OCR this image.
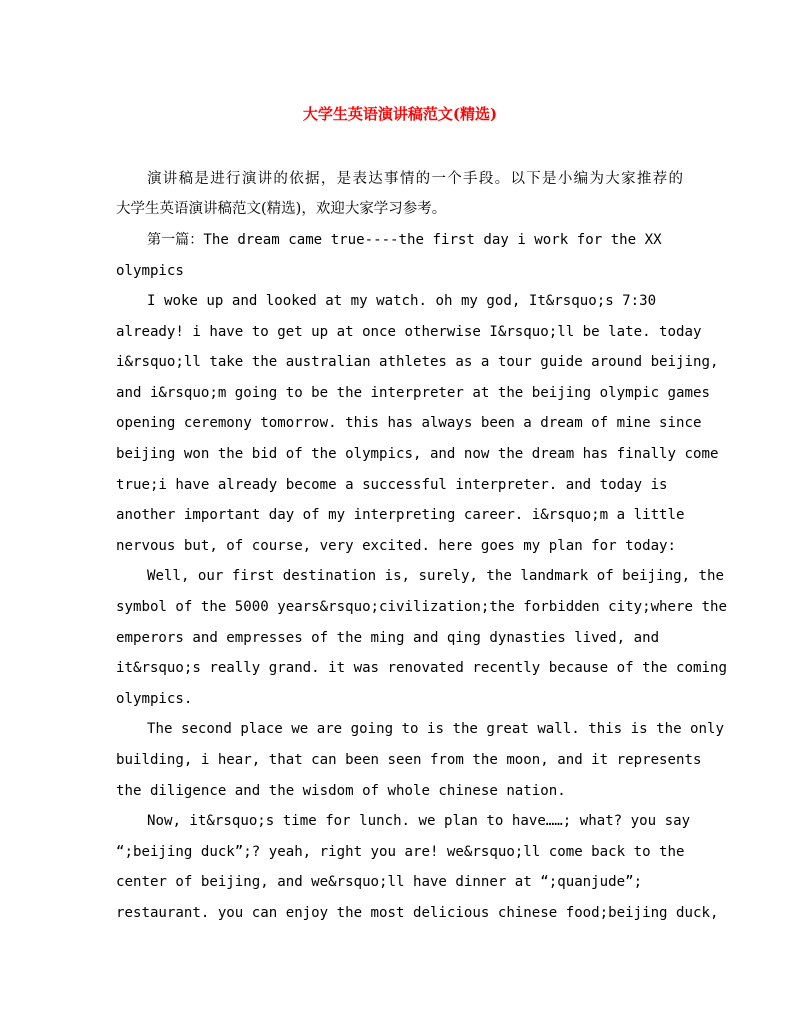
大学生英语演讲稿范文(精选)

演讲稿是进行演讲的依据，是表达事情的一个手段。以下是小编为大家推荐的

大学生英语演讲稿范文(精选)，欢迎大家学习参考。

第一篇：The dream came true----the first day i work for the XX

olympics

I woke up and looked at my watch. oh my god, It&rsquo;s 7:30

already! i have to get up at once otherwise I&rsquo;ll be late. today

i&rsquo;ll take the australian athletes as a tour guide around beijing,

and i&rsquo;m going to be the interpreter at the beijing olympic games

opening ceremony tomorrow. this has always been a dream of mine since

beijing won the bid of the olympics, and now the dream has finally come

true;i have already become a successful interpreter. and today is

another important day of my interpreting career. i&rsquo;m a little

nervous but, of course, very excited. here goes my plan for today:

Well, our first destination is, surely, the landmark of beijing, the

symbol of the 5000 years&rsquo;civilization;the forbidden city;where the

emperors and empresses of the ming and qing dynasties lived, and

it&rsquo;s really grand. it was renovated recently because of the coming

olympics.

The second place we are going to is the great wall. this is the only

building, i hear, that can been seen from the moon, and it represents

the diligence and the wisdom of whole chinese nation.

Now, it&rsquo;s time for lunch. we plan to have……; what? you say

“;beijing duck”;? yeah, right you are! we&rsquo;ll come back to the

center of beijing, and we&rsquo;ll have dinner at “;quanjude”;

restaurant. you can enjoy the most delicious chinese food;beijing duck,
